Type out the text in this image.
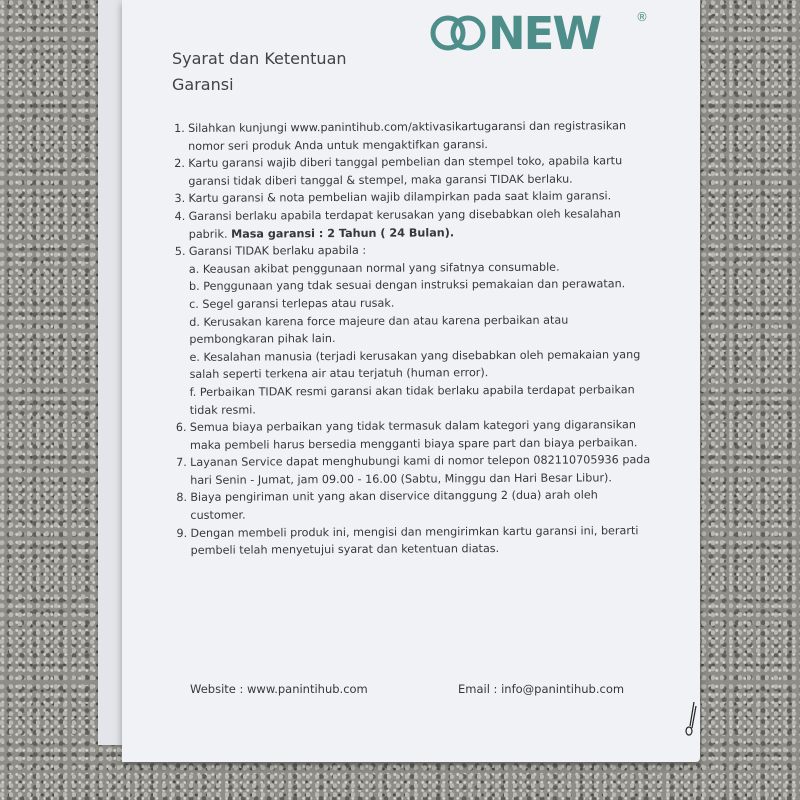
NEW	®
Syarat dan Ketentuan
Garansi
1. Silahkan kunjungi www.panintihub.com/aktivasikartugaransi dan registrasikan nomor seri produk Anda untuk mengaktifkan garansi.
2. Kartu garansi wajib diberi tanggal pembelian dan stempel toko, apabila kartu garansi tidak diberi tanggal & stempel, maka garansi TIDAK berlaku.
3. Kartu garansi & nota pembelian wajib dilampirkan pada saat klaim garansi.
4. Garansi berlaku apabila terdapat kerusakan yang disebabkan oleh kesalahan pabrik. Masa garansi : 2 Tahun ( 24 Bulan).
5. Garansi TIDAK berlaku apabila :
a. Keausan akibat penggunaan normal yang sifatnya consumable.
b. Penggunaan yang tdak sesuai dengan instruksi pemakaian dan perawatan.
c. Segel garansi terlepas atau rusak.
d. Kerusakan karena force majeure dan atau karena perbaikan atau pembongkaran pihak lain.
e. Kesalahan manusia (terjadi kerusakan yang disebabkan oleh pemakaian yang salah seperti terkena air atau terjatuh (human error).
f. Perbaikan TIDAK resmi garansi akan tidak berlaku apabila terdapat perbaikan tidak resmi.
6. Semua biaya perbaikan yang tidak termasuk dalam kategori yang digaransikan maka pembeli harus bersedia mengganti biaya spare part dan biaya perbaikan.
7. Layanan Service dapat menghubungi kami di nomor telepon 082110705936 pada hari Senin - Jumat, jam 09.00 - 16.00 (Sabtu, Minggu dan Hari Besar Libur).
8. Biaya pengiriman unit yang akan diservice ditanggung 2 (dua) arah oleh customer.
9. Dengan membeli produk ini, mengisi dan mengirimkan kartu garansi ini, berarti pembeli telah menyetujui syarat dan ketentuan diatas.
Website : www.panintihub.com	Email : info@panintihub.com
